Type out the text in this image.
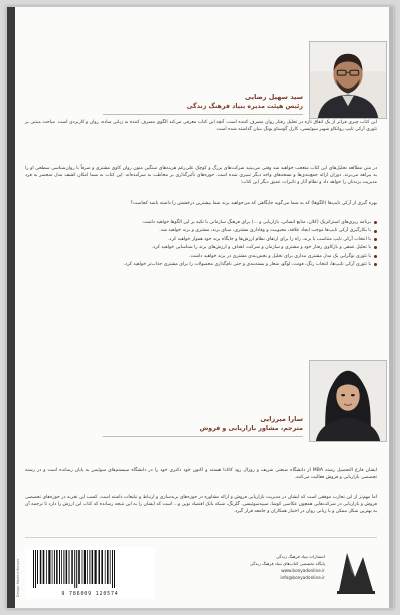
سید سهیل رضایی
رئیس هیئت مدیره بنیاد فرهنگ زندگی

این کتاب چیزی فراتر از یک اتفاق تازه در تحلیل رفتار روان مصرف کننده است. آنچه این کتاب معرفی می‌کند الگوی مصرف کننده به زبانی ساده، روان و کاربردی است. مباحث مبتنی بر تئوری آرکی تایپ روانکاو شهیر سوئیسی، کارل گوستاو یونگ بنیان گذاشته شده است.

در متن مطالعه تحلیل‌های این کتاب متعجب خواهید شد وقتی می‌بینید شرکت‌های بزرگ و کوچک علی‌رغم هزینه‌های سنگین متون روان کاوی مشتری و صرفاً با روان‌شناسی سطحی او را به بیراهه می‌برند. دوران ارائه جمع‌بندی‌ها و نسخه‌های واحد دیگر سپری شده است. حوزه‌های تأثیرگذاری بر مخاطب به سرآمده‌اند. این کتاب به شما امکان کشف مدل منحصر به فرد مدیریت برندتان را خواهد داد و نظام آثار و تاثیرات عمیق دیگر این کتاب:

بهره گیری از آرکی تایپ‌ها (الگوها) که به شما می‌گوید جایگاهی که می‌خواهید برند شما بیشترین درخشش را داشته باشد کجاست؟

برنامه ریزی‌های استراتژیک (کلان، منابع انسانی، بازاریابی و ...) برای فرهنگ سازمانی با تکیه بر این الگوها خواهید داشت.

با بکارگیری آرکی تایپ‌ها موجب ایجاد علاقه، محبوبیت و وفاداری مشتری، مبنای برند، مشتری و برند خواهید شد.

با انتخاب آرکی تایپ متناسب با برند، راه را برای ارتقای نظام ارزش‌ها و جایگاه برند خود هموار خواهید کرد.

با تحلیل عمقی و بازکاوی رفتار خود و مشتری و سازمان و شرکت، اهداف و ارزش‌های برند را شناسایی خواهید کرد.

با تئوری نوگرایی یک مدل مشتری مداری برای تحلیل و بخش‌بندی مشتری در برند خواهید داشت.

با تئوری آرکی تایپ‌ها، انتخاب رنگ، فونت، لوگو، شعار و بسته‌بندی و حتی نام‌گذاری محصولات را برای مشتری جذاب‌تر خواهید کرد.

سارا میرزایی
مترجم، مشاور بازاریابی و فروش

ایشان فارغ التحصیل رشته MBA از دانشگاه صنعتی شریف و روزال ‌رود کانادا هستند و اکنون خود دکتری خود را در دانشگاه سیستم‌های سوئیس به پایان رسانده است و در رشته تخصصی بازاریابی و فروش فعالیت می‌کنند.

اما مهم‌تر از این تجارب موفقی است که ایشان در مدیریت بازاریابی فروش و ارائه مشاوره در حوزه‌های برندسازی و ارتباط و تبلیغات داشته است. کسب این تجربه در حوزه‌های تخصصی فروش و بازاریابی در شرکت‌هایی همچون عکاسی کوشا، سپیدسوئیسی، گلرنگ، شبکه بانک اقتصاد نوین و... است که ایشان را به این نتیجه رسانده که کتاب این ارزش را دارد تا ترجمه آن به بهترین شکل ممکن و با زبانی روان در اختیار همکاران و جامعه قرار گیرد.

Design: Nashr-e Bonyad	9 786009 120574
انتشارات بنیاد فرهنگ زندگی
پایگاه تخصصی کتاب‌های بنیاد فرهنگ زندگی
www.bonyadonline.ir
info@bonyadonline.ir
